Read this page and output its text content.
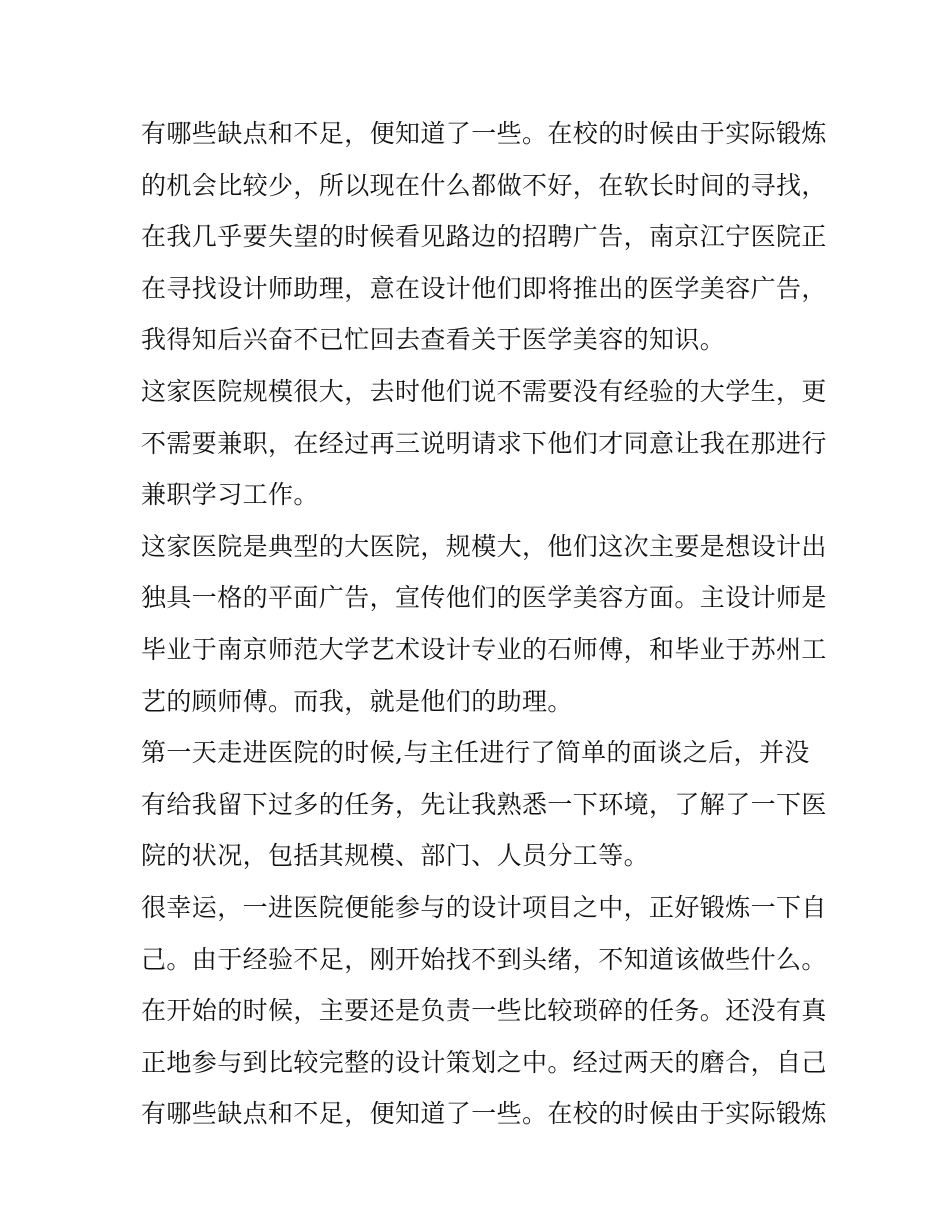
有哪些缺点和不足，便知道了一些。在校的时候由于实际锻炼
的机会比较少，所以现在什么都做不好，在软长时间的寻找，
在我几乎要失望的时候看见路边的招聘广告，南京江宁医院正
在寻找设计师助理，意在设计他们即将推出的医学美容广告，
我得知后兴奋不已忙回去查看关于医学美容的知识。
这家医院规模很大，去时他们说不需要没有经验的大学生，更
不需要兼职，在经过再三说明请求下他们才同意让我在那进行
兼职学习工作。
这家医院是典型的大医院，规模大，他们这次主要是想设计出
独具一格的平面广告，宣传他们的医学美容方面。主设计师是
毕业于南京师范大学艺术设计专业的石师傅，和毕业于苏州工
艺的顾师傅。而我，就是他们的助理。
第一天走进医院的时候,与主任进行了简单的面谈之后，并没
有给我留下过多的任务，先让我熟悉一下环境，了解了一下医
院的状况，包括其规模、部门、人员分工等。
很幸运，一进医院便能参与的设计项目之中，正好锻炼一下自
己。由于经验不足，刚开始找不到头绪，不知道该做些什么。
在开始的时候，主要还是负责一些比较琐碎的任务。还没有真
正地参与到比较完整的设计策划之中。经过两天的磨合，自己
有哪些缺点和不足，便知道了一些。在校的时候由于实际锻炼
